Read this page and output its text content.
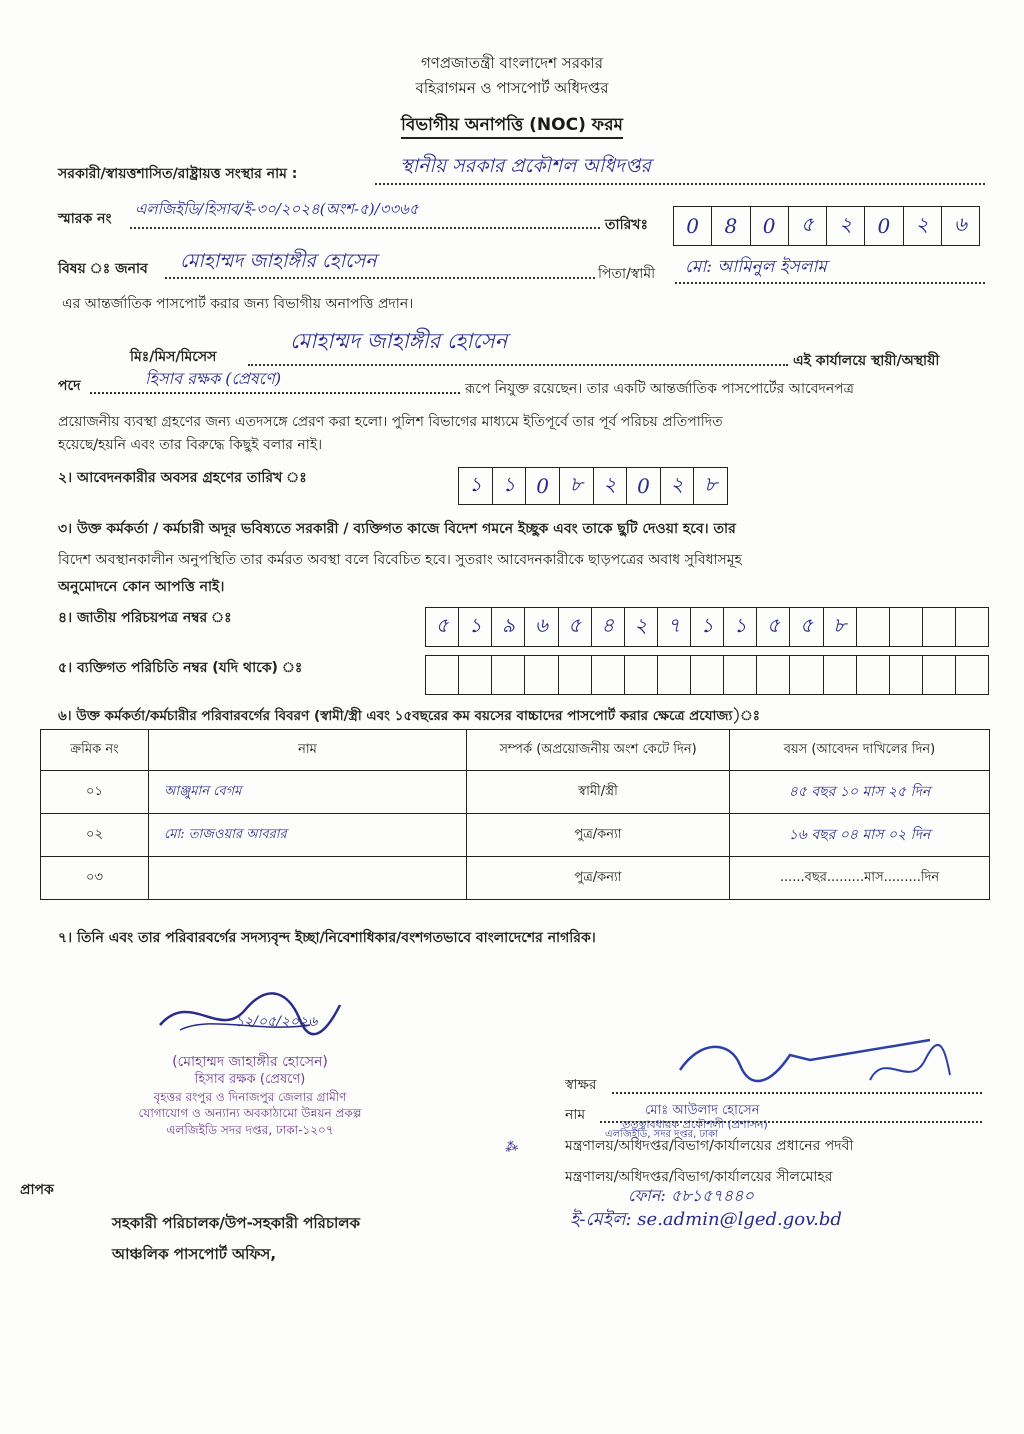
গণপ্রজাতন্ত্রী বাংলাদেশ সরকার
বহিরাগমন ও পাসপোর্ট অধিদপ্তর
বিভাগীয় অনাপত্তি (NOC) ফরম
সরকারী/স্বায়ত্তশাসিত/রাষ্ট্রায়ত্ত সংস্থার নাম :	স্থানীয় সরকার প্রকৌশল অধিদপ্তর
স্মারক নং
এলজিইডি/হিসাব/ই-৩০/২০২৪(অংশ-৫)/৩৩৬৫
তারিখঃ	0	8	0	৫	২	0	২	৬
বিষয় ঃ জনাব মোহাম্মদ জাহাঙ্গীর হোসেন
পিতা/স্বামী মো: আমিনুল ইসলাম
এর আন্তর্জাতিক পাসপোর্ট করার জন্য বিভাগীয় অনাপত্তি প্রদান।
মিঃ/মিস/মিসেস
মোহাম্মদ জাহাঙ্গীর হোসেন
এই কার্যালয়ে স্থায়ী/অস্থায়ী
পদে	হিসাব রক্ষক (প্রেষণে)
রূপে নিযুক্ত রয়েছেন। তার একটি আন্তর্জাতিক পাসপোর্টের আবেদনপত্র
প্রয়োজনীয় ব্যবস্থা গ্রহণের জন্য এতদসঙ্গে প্রেরণ করা হলো। পুলিশ বিভাগের মাধ্যমে ইতিপূর্বে তার পূর্ব পরিচয় প্রতিপাদিত
হয়েছে/হয়নি এবং তার বিরুদ্ধে কিছুই বলার নাই।
২। আবেদনকারীর অবসর গ্রহণের তারিখ ঃ	১	১	0	৮	২	0	২	৮
৩। উক্ত কর্মকর্তা / কর্মচারী অদূর ভবিষ্যতে সরকারী / ব্যক্তিগত কাজে বিদেশ গমনে ইচ্ছুক এবং তাকে ছুটি দেওয়া হবে। তার
বিদেশ অবস্থানকালীন অনুপস্থিতি তার কর্মরত অবস্থা বলে বিবেচিত হবে। সুতরাং আবেদনকারীকে ছাড়পত্রের অবাধ সুবিধাসমূহ
অনুমোদনে কোন আপত্তি নাই।
৪। জাতীয় পরিচয়পত্র নম্বর ঃ	৫	১	৯	৬	৫	৪	২	৭	১	১	৫	৫	৮
৫। ব্যক্তিগত পরিচিতি নম্বর (যদি থাকে) ঃ
৬। উক্ত কর্মকর্তা/কর্মচারীর পরিবারবর্গের বিবরণ (স্বামী/স্ত্রী এবং ১৫বছরের কম বয়সের বাচ্চাদের পাসপোর্ট করার ক্ষেত্রে প্রযোজ্য)ঃ
ক্রমিক নং	নাম	সম্পর্ক (অপ্রয়োজনীয় অংশ কেটে দিন)	বয়স (আবেদন দাখিলের দিন)
০১	আঞ্জুমান বেগম	স্বামী/স্ত্রী	৪৫ বছর ১০ মাস ২৫ দিন
০২	মো: তাজওয়ার আবরার	পুত্র/কন্যা	১৬ বছর ০৪ মাস ০২ দিন
০৩		পুত্র/কন্যা	......বছর.........মাস.........দিন
৭। তিনি এবং তার পরিবারবর্গের সদস্যবৃন্দ ইচ্ছা/নিবেশাধিকার/বংশগতভাবে বাংলাদেশের নাগরিক।
১২/০৫/২০২৬
(মোহাম্মদ জাহাঙ্গীর হোসেন)
হিসাব রক্ষক (প্রেষণে)
বৃহত্তর রংপুর ও দিনাজপুর জেলার গ্রামীণ
যোগাযোগ ও অন্যান্য অবকাঠামো উন্নয়ন প্রকল্প
এলজিইডি সদর দপ্তর, ঢাকা-১২০৭
স্বাক্ষর
নাম	মোঃ আউলাদ হোসেন
তত্ত্বাবধায়ক প্রকৌশলী (প্রশাসন)
এলজিইডি, সদর দপ্তর, ঢাকা
মন্ত্রণালয়/অধিদপ্তর/বিভাগ/কার্যালয়ের প্রধানের পদবী
মন্ত্রণালয়/অধিদপ্তর/বিভাগ/কার্যালয়ের সীলমোহর
⁂
ফোন: ৫৮১৫৭৪৪০
ই-মেইল: se.admin@lged.gov.bd
প্রাপক
সহকারী পরিচালক/উপ-সহকারী পরিচালক
আঞ্চলিক পাসপোর্ট অফিস,
